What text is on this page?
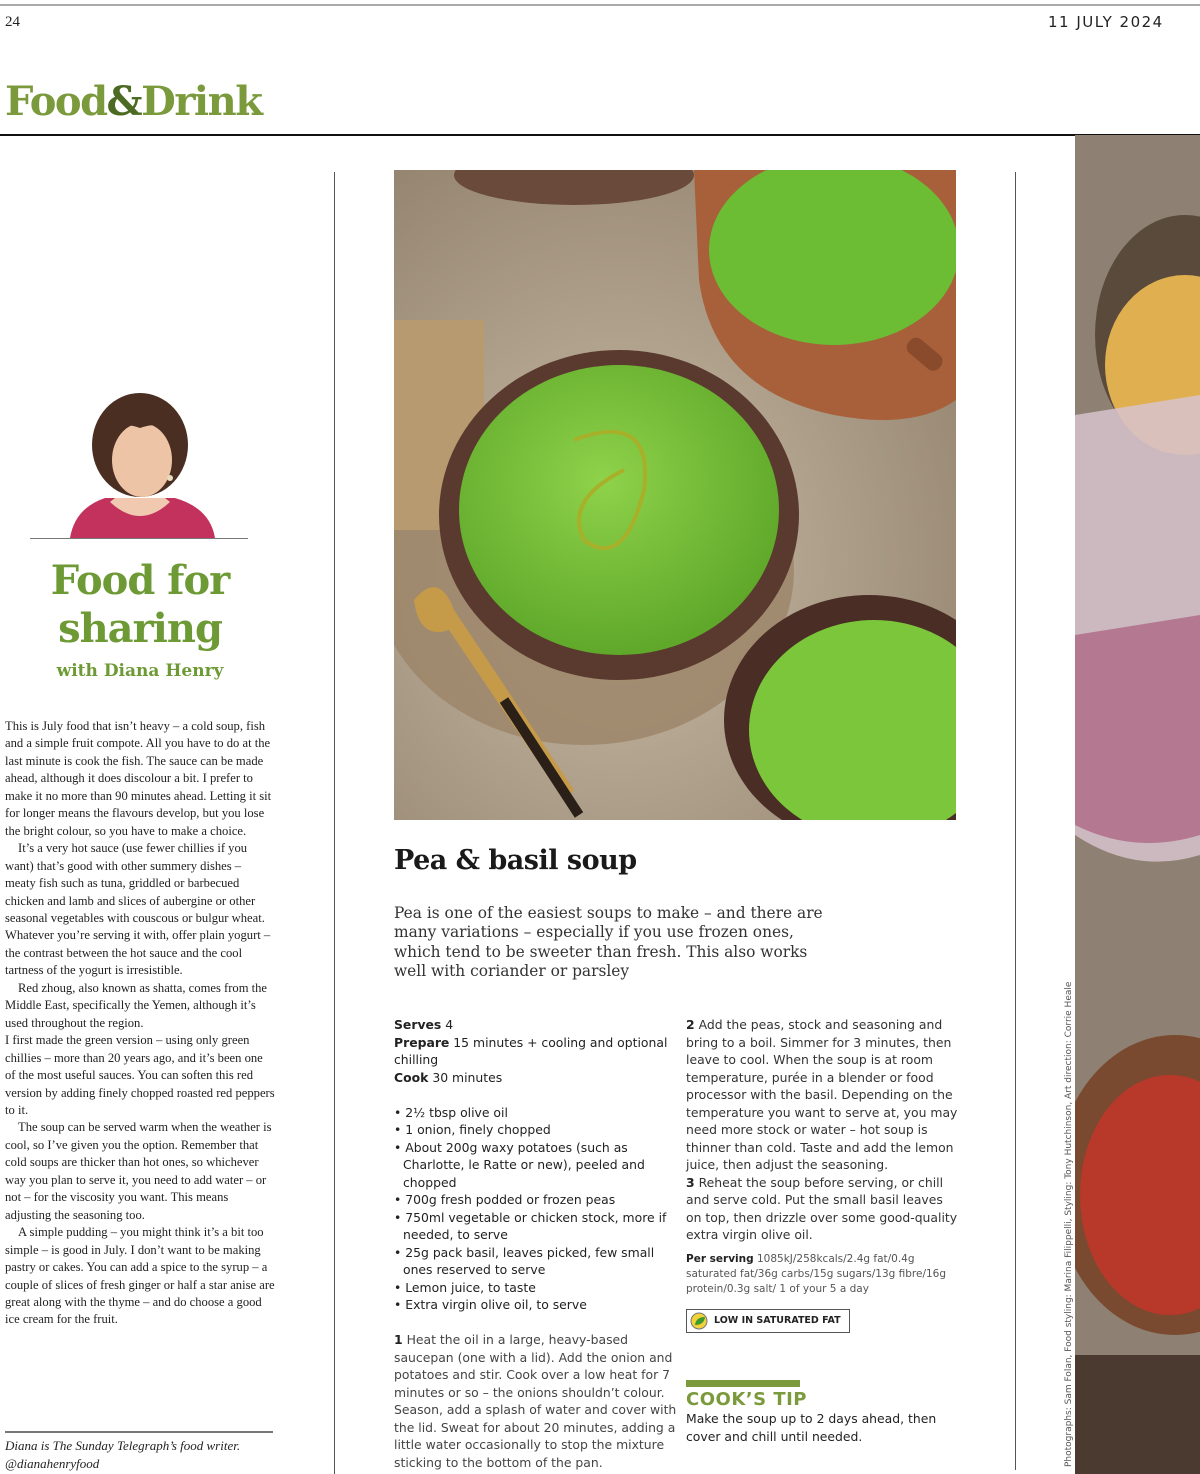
24	11 JULY 2024
Food&Drink
Food for sharing
with Diana Henry

This is July food that isn’t heavy – a cold soup, fish and a simple fruit compote. All you have to do at the last minute is cook the fish. The sauce can be made ahead, although it does discolour a bit. I prefer to make it no more than 90 minutes ahead. Letting it sit for longer means the flavours develop, but you lose the bright colour, so you have to make a choice.

It’s a very hot sauce (use fewer chillies if you want) that’s good with other summery dishes – meaty fish such as tuna, griddled or barbecued chicken and lamb and slices of aubergine or other seasonal vegetables with couscous or bulgur wheat. Whatever you’re serving it with, offer plain yogurt – the contrast between the hot sauce and the cool tartness of the yogurt is irresistible.

Red zhoug, also known as shatta, comes from the Middle East, specifically the Yemen, although it’s used throughout the region.

I first made the green version – using only green chillies – more than 20 years ago, and it’s been one of the most useful sauces. You can soften this red version by adding finely chopped roasted red peppers to it.

The soup can be served warm when the weather is cool, so I’ve given you the option. Remember that cold soups are thicker than hot ones, so whichever way you plan to serve it, you need to add water – or not – for the viscosity you want. This means adjusting the seasoning too.

A simple pudding – you might think it’s a bit too simple – is good in July. I don’t want to be making pastry or cakes. You can add a spice to the syrup – a couple of slices of fresh ginger or half a star anise are great along with the thyme – and do choose a good ice cream for the fruit.

Diana is The Sunday Telegraph’s food writer.
@dianahenryfood
Pea & basil soup
Pea is one of the easiest soups to make – and there are many variations – especially if you use frozen ones, which tend to be sweeter than fresh. This also works well with coriander or parsley
Serves 4
Prepare 15 minutes + cooling and optional chilling
Cook 30 minutes
• 2½ tbsp olive oil
• 1 onion, finely chopped
• About 200g waxy potatoes (such as Charlotte, le Ratte or new), peeled and chopped
• 700g fresh podded or frozen peas
• 750ml vegetable or chicken stock, more if needed, to serve
• 25g pack basil, leaves picked, few small ones reserved to serve
• Lemon juice, to taste
• Extra virgin olive oil, to serve
1 Heat the oil in a large, heavy-based saucepan (one with a lid). Add the onion and potatoes and stir. Cook over a low heat for 7 minutes or so – the onions shouldn’t colour. Season, add a splash of water and cover with the lid. Sweat for about 20 minutes, adding a little water occasionally to stop the mixture sticking to the bottom of the pan.
2 Add the peas, stock and seasoning and bring to a boil. Simmer for 3 minutes, then leave to cool. When the soup is at room temperature, purée in a blender or food processor with the basil. Depending on the temperature you want to serve at, you may need more stock or water – hot soup is thinner than cold. Taste and add the lemon juice, then adjust the seasoning.
3 Reheat the soup before serving, or chill and serve cold. Put the small basil leaves on top, then drizzle over some good-quality extra virgin olive oil.
Per serving 1085kJ/258kcals/2.4g fat/0.4g saturated fat/36g carbs/15g sugars/13g fibre/16g protein/0.3g salt/ 1 of your 5 a day
LOW IN SATURATED FAT
COOK’S TIP
Make the soup up to 2 days ahead, then cover and chill until needed.	Photographs: Sam Folan, Food styling: Marina Filippelli, Styling: Tony Hutchinson, Art direction: Corrie Heale
